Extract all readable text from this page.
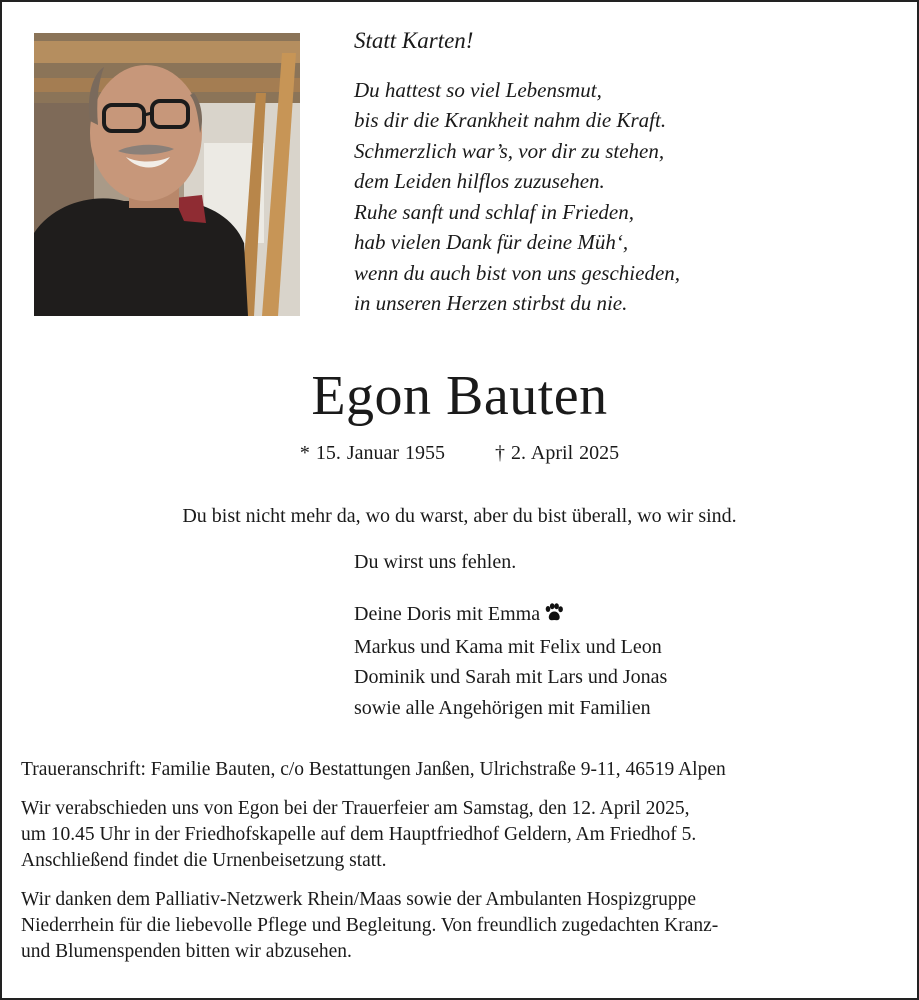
Statt Karten!
Du hattest so viel Lebensmut,
bis dir die Krankheit nahm die Kraft.
Schmerzlich war’s, vor dir zu stehen,
dem Leiden hilflos zuzusehen.
Ruhe sanft und schlaf in Frieden,
hab vielen Dank für deine Müh‘,
wenn du auch bist von uns geschieden,
in unseren Herzen stirbst du nie.
Egon Bauten
* 15. Januar 1955	† 2. April 2025
Du bist nicht mehr da, wo du warst, aber du bist überall, wo wir sind.
Du wirst uns fehlen.
Deine Doris mit Emma
Markus und Kama mit Felix und Leon
Dominik und Sarah mit Lars und Jonas
sowie alle Angehörigen mit Familien

Traueranschrift: Familie Bauten, c/o Bestattungen Janßen, Ulrichstraße 9-11, 46519 Alpen

Wir verabschieden uns von Egon bei der Trauerfeier am Samstag, den 12. April 2025,
um 10.45 Uhr in der Friedhofskapelle auf dem Hauptfriedhof Geldern, Am Friedhof 5.
Anschließend findet die Urnenbeisetzung statt.

Wir danken dem Palliativ-Netzwerk Rhein/Maas sowie der Ambulanten Hospizgruppe
Niederrhein für die liebevolle Pflege und Begleitung. Von freundlich zugedachten Kranz-
und Blumenspenden bitten wir abzusehen.
